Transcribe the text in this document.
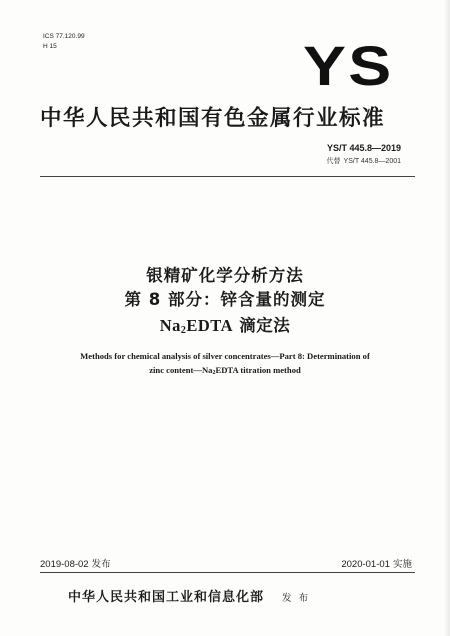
ICS 77.120.99
H 15	YS
中华人民共和国有色金属行业标准
YS/T 445.8—2019
代替 YS/T 445.8—2001
银精矿化学分析方法
第 8 部分：锌含量的测定
$Na_2EDTA$ 滴定法
Methods for chemical analysis of silver concentrates—Part 8: Determination of
zinc $content—Na_2EDTA$ titration method
2019-08-02 发布	2020-01-01 实施
中华人民共和国工业和信息化部 发 布
